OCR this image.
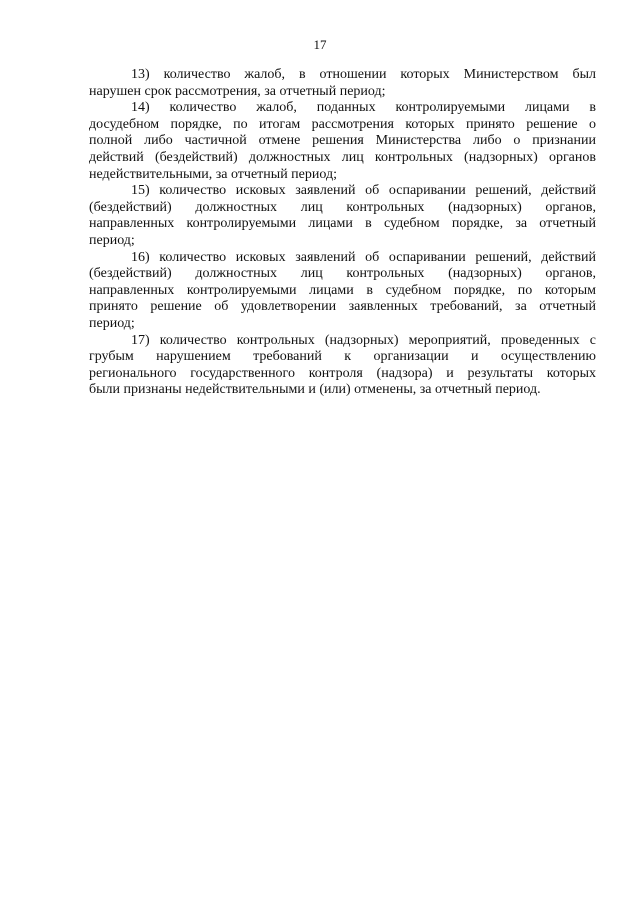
17
13) количество жалоб, в отношении которых Министерством был
нарушен срок рассмотрения, за отчетный период;
14) количество жалоб, поданных контролируемыми лицами в
досудебном порядке, по итогам рассмотрения которых принято решение о
полной либо частичной отмене решения Министерства либо о признании
действий (бездействий) должностных лиц контрольных (надзорных) органов
недействительными, за отчетный период;
15) количество исковых заявлений об оспаривании решений, действий
(бездействий) должностных лиц контрольных (надзорных) органов,
направленных контролируемыми лицами в судебном порядке, за отчетный
период;
16) количество исковых заявлений об оспаривании решений, действий
(бездействий) должностных лиц контрольных (надзорных) органов,
направленных контролируемыми лицами в судебном порядке, по которым
принято решение об удовлетворении заявленных требований, за отчетный
период;
17) количество контрольных (надзорных) мероприятий, проведенных с
грубым нарушением требований к организации и осуществлению
регионального государственного контроля (надзора) и результаты которых
были признаны недействительными и (или) отменены, за отчетный период.
